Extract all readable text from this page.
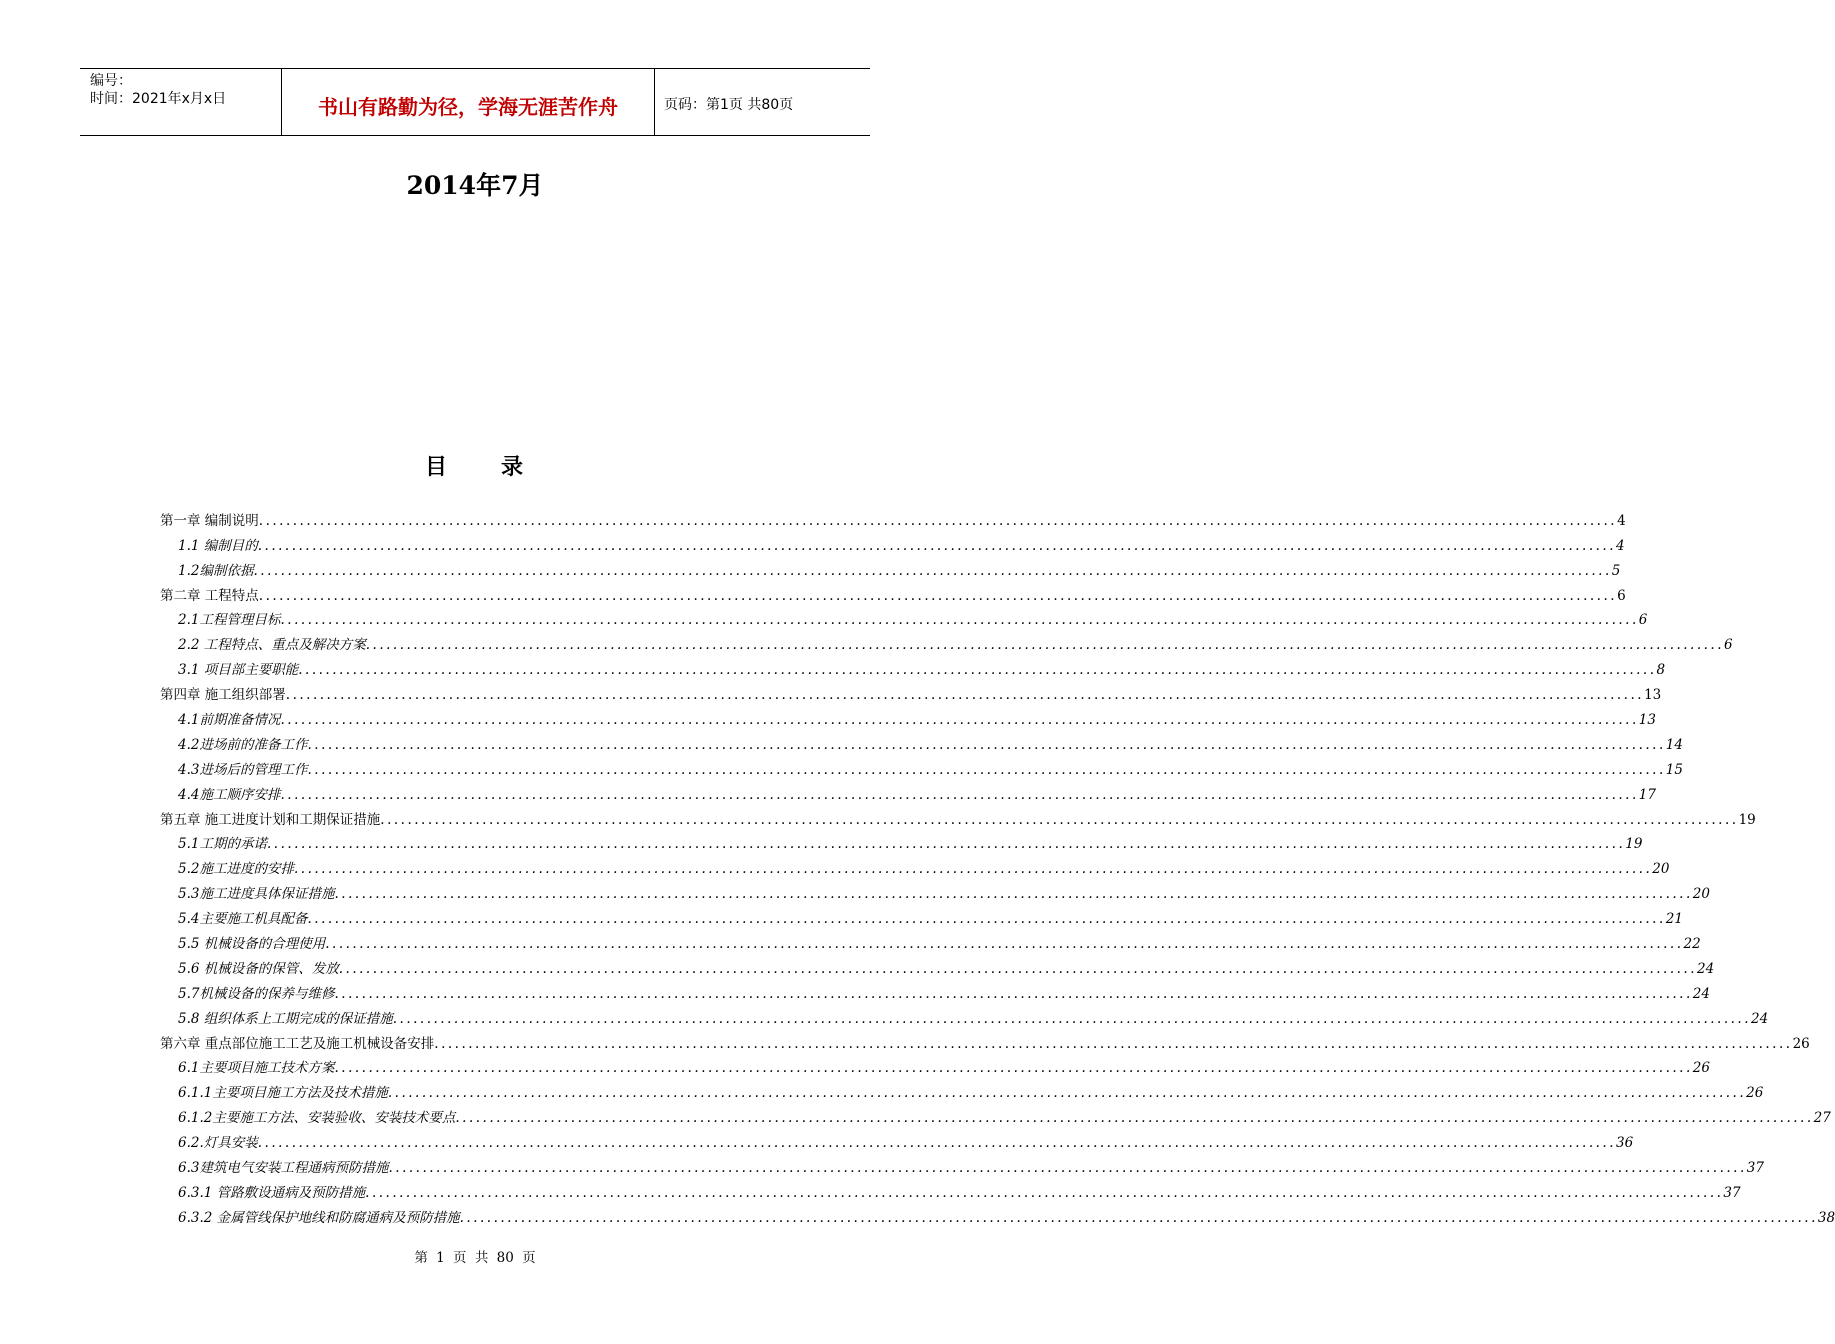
编号：
时间：2021年x月x日	书山有路勤为径，学海无涯苦作舟	页码：第1页 共80页
2014年7月
目 录
第一章 编制说明 ........................................................................................................................................................................................................ 4
1.1 编制目的 ........................................................................................................................................................................................................ 4
1.2编制依据 ........................................................................................................................................................................................................ 5
第二章 工程特点 ........................................................................................................................................................................................................ 6
2.1工程管理目标 ........................................................................................................................................................................................................ 6
2.2 工程特点、重点及解决方案 ........................................................................................................................................................................................................ 6
3.1 项目部主要职能 ........................................................................................................................................................................................................ 8
第四章 施工组织部署 ........................................................................................................................................................................................................ 13
4.1前期准备情况 ........................................................................................................................................................................................................ 13
4.2进场前的准备工作 ........................................................................................................................................................................................................ 14
4.3进场后的管理工作 ........................................................................................................................................................................................................ 15
4.4施工顺序安排 ........................................................................................................................................................................................................ 17
第五章 施工进度计划和工期保证措施 ........................................................................................................................................................................................................ 19
5.1工期的承诺 ........................................................................................................................................................................................................ 19
5.2施工进度的安排 ........................................................................................................................................................................................................ 20
5.3施工进度具体保证措施 ........................................................................................................................................................................................................ 20
5.4主要施工机具配备 ........................................................................................................................................................................................................ 21
5.5 机械设备的合理使用 ........................................................................................................................................................................................................ 22
5.6 机械设备的保管、发放 ........................................................................................................................................................................................................ 24
5.7机械设备的保养与维修 ........................................................................................................................................................................................................ 24
5.8 组织体系上工期完成的保证措施 ........................................................................................................................................................................................................ 24
第六章 重点部位施工工艺及施工机械设备安排 ........................................................................................................................................................................................................ 26
6.1主要项目施工技术方案 ........................................................................................................................................................................................................ 26
6.1.1主要项目施工方法及技术措施 ........................................................................................................................................................................................................ 26
6.1.2主要施工方法、安装验收、安装技术要点 ........................................................................................................................................................................................................ 27
6.2.灯具安装 ........................................................................................................................................................................................................ 36
6.3建筑电气安装工程通病预防措施 ........................................................................................................................................................................................................ 37
6.3.1 管路敷设通病及预防措施 ........................................................................................................................................................................................................ 37
6.3.2 金属管线保护地线和防腐通病及预防措施 ........................................................................................................................................................................................................ 38
第 1 页 共 80 页
